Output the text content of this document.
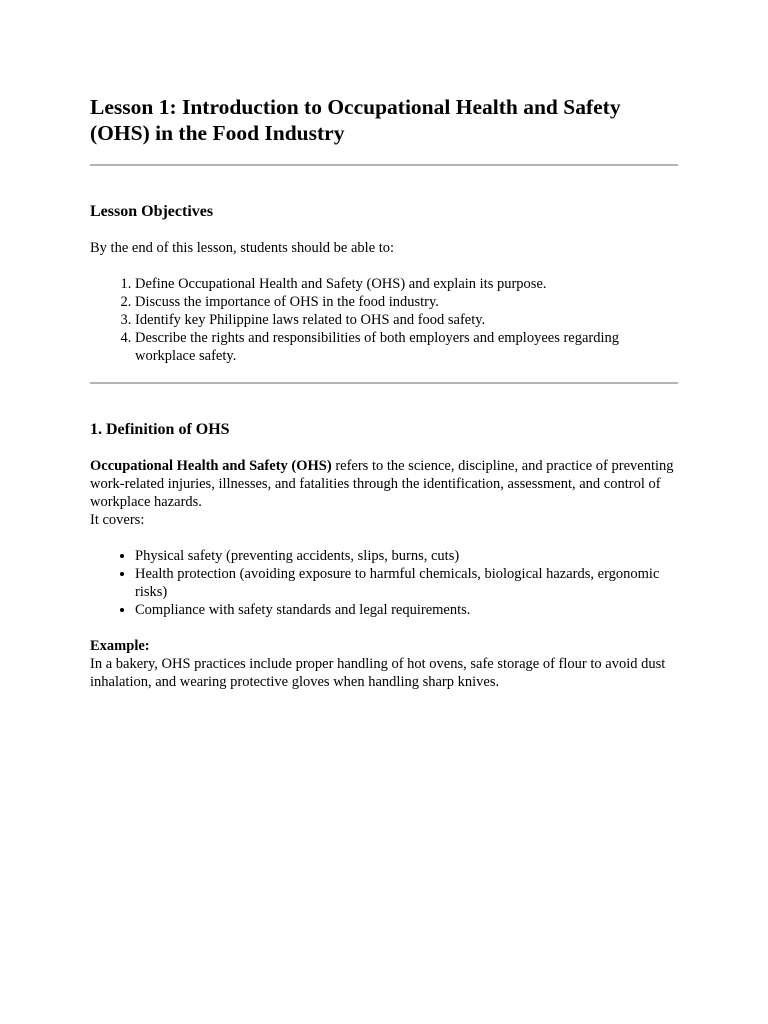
Lesson 1: Introduction to Occupational Health and Safety (OHS) in the Food Industry
Lesson Objectives

By the end of this lesson, students should be able to:

1. Define Occupational Health and Safety (OHS) and explain its purpose.
2. Discuss the importance of OHS in the food industry.
3. Identify key Philippine laws related to OHS and food safety.
4. Describe the rights and responsibilities of both employers and employees regarding workplace safety.
1. Definition of OHS

Occupational Health and Safety (OHS) refers to the science, discipline, and practice of preventing work-related injuries, illnesses, and fatalities through the identification, assessment, and control of workplace hazards.

It covers:

• Physical safety (preventing accidents, slips, burns, cuts)
• Health protection (avoiding exposure to harmful chemicals, biological hazards, ergonomic risks)
• Compliance with safety standards and legal requirements.

Example:

In a bakery, OHS practices include proper handling of hot ovens, safe storage of flour to avoid dust inhalation, and wearing protective gloves when handling sharp knives.
